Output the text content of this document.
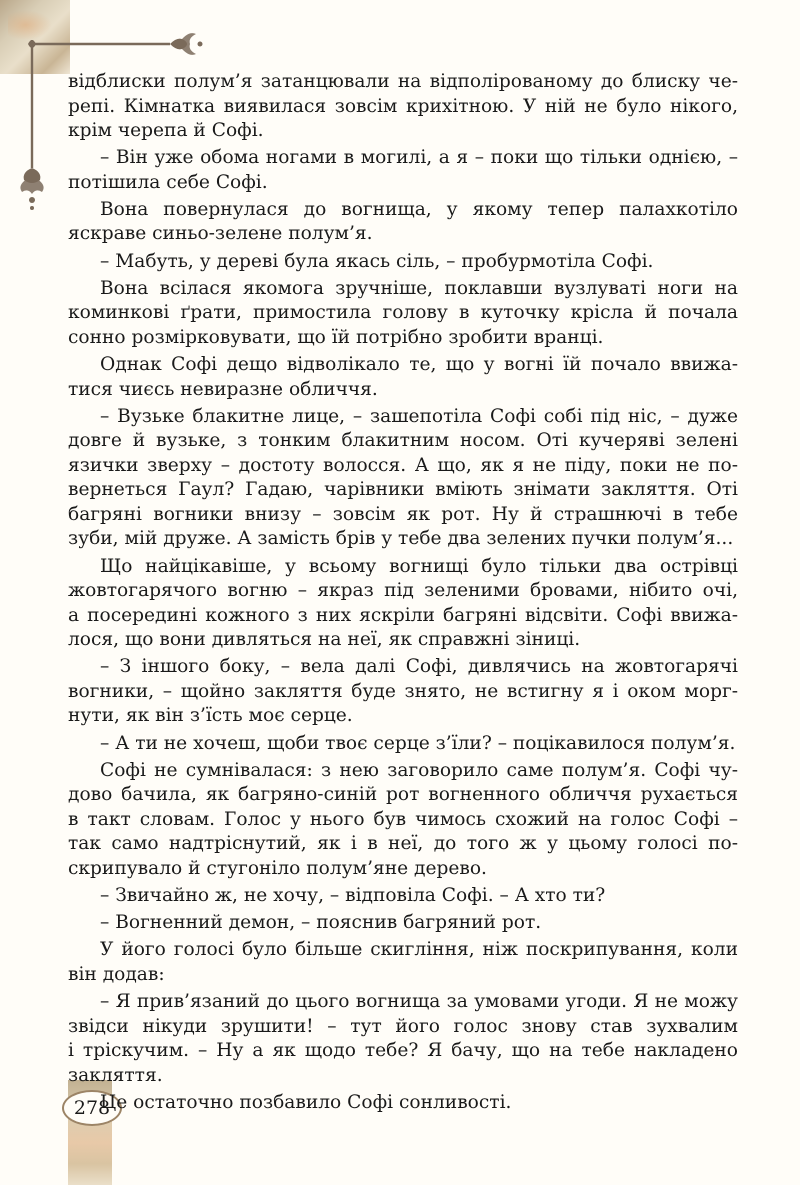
278

відблиски полум’я затанцювали на відполірованому до блиску че-
репі. Кімнатка виявилася зовсім крихітною. У ній не було нікого,
крім черепа й Софі.

– Він уже обома ногами в могилі, а я – поки що тільки однією, –
потішила себе Софі.

Вона повернулася до вогнища, у якому тепер палахкотіло
яскраве синьо-зелене полум’я.

– Мабуть, у дереві була якась сіль, – пробурмотіла Софі.

Вона всілася якомога зручніше, поклавши вузлуваті ноги на
коминкові ґрати, примостила голову в куточку крісла й почала
сонно розмірковувати, що їй потрібно зробити вранці.

Однак Софі дещо відволікало те, що у вогні їй почало ввижа-
тися чиєсь невиразне обличчя.

– Вузьке блакитне лице, – зашепотіла Софі собі під ніс, – дуже
довге й вузьке, з тонким блакитним носом. Оті кучеряві зелені
язички зверху – достоту волосся. А що, як я не піду, поки не по-
вернеться Гаул? Гадаю, чарівники вміють знімати закляття. Оті
багряні вогники внизу – зовсім як рот. Ну й страшнючі в тебе
зуби, мій друже. А замість брів у тебе два зелених пучки полум’я...

Що найцікавіше, у всьому вогнищі було тільки два острівці
жовтогарячого вогню – якраз під зеленими бровами, нібито очі,
а посередині кожного з них яскріли багряні відсвіти. Софі ввижа-
лося, що вони дивляться на неї, як справжні зіниці.

– З іншого боку, – вела далі Софі, дивлячись на жовтогарячі
вогники, – щойно закляття буде знято, не встигну я і оком морг-
нути, як він з’їсть моє серце.

– А ти не хочеш, щоби твоє серце з’їли? – поцікавилося полум’я.

Софі не сумнівалася: з нею заговорило саме полум’я. Софі чу-
дово бачила, як багряно-синій рот вогненного обличчя рухається
в такт словам. Голос у нього був чимось схожий на голос Софі –
так само надтріснутий, як і в неї, до того ж у цьому голосі по-
скрипувало й стугоніло полум’яне дерево.

– Звичайно ж, не хочу, – відповіла Софі. – А хто ти?

– Вогненний демон, – пояснив багряний рот.

У його голосі було більше скигління, ніж поскрипування, коли
він додав:

– Я прив’язаний до цього вогнища за умовами угоди. Я не можу
звідси нікуди зрушити! – тут його голос знову став зухвалим
і тріскучим. – Ну а як щодо тебе? Я бачу, що на тебе накладено
закляття.

Це остаточно позбавило Софі сонливості.
